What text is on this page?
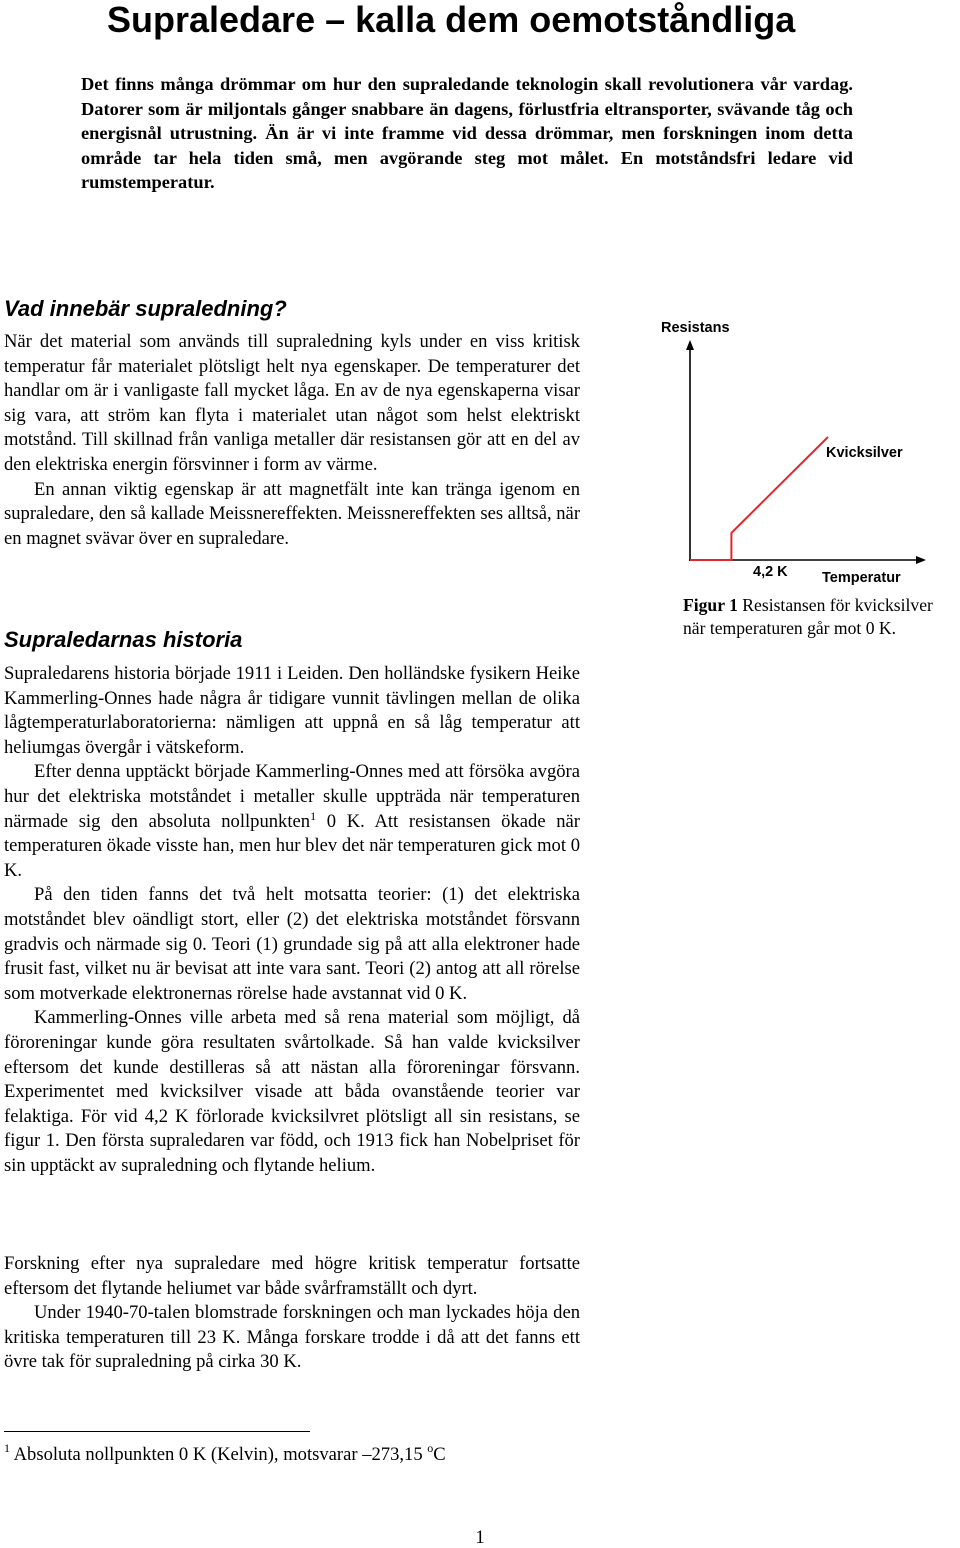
Supraledare – kalla dem oemotståndliga

Det finns många drömmar om hur den supraledande teknologin skall revolutionera vår vardag. Datorer som är miljontals gånger snabbare än dagens, förlustfria eltransporter, svävande tåg och energisnål utrustning. Än är vi inte framme vid dessa drömmar, men forskningen inom detta område tar hela tiden små, men avgörande steg mot målet. En motståndsfri ledare vid rumstemperatur.

Vad innebär supraledning?

När det material som används till supraledning kyls under en viss kritisk temperatur får materialet plötsligt helt nya egenskaper. De temperaturer det handlar om är i vanligaste fall mycket låga. En av de nya egenskaperna visar sig vara, att ström kan flyta i materialet utan något som helst elektriskt motstånd. Till skillnad från vanliga metaller där resistansen gör att en del av den elektriska energin försvinner i form av värme.

En annan viktig egenskap är att magnetfält inte kan tränga igenom en supraledare, den så kallade Meissnereffekten. Meissnereffekten ses alltså, när en magnet svävar över en supraledare.

Supraledarnas historia

Supraledarens historia började 1911 i Leiden. Den holländske fysikern Heike Kammerling-Onnes hade några år tidigare vunnit tävlingen mellan de olika lågtemperaturlaboratorierna: nämligen att uppnå en så låg temperatur att heliumgas övergår i vätskeform.

Efter denna upptäckt började Kammerling-Onnes med att försöka avgöra hur det elektriska motståndet i metaller skulle uppträda när temperaturen närmade sig den absoluta nollpunkten$^1$ 0 K. Att resistansen ökade när temperaturen ökade visste han, men hur blev det när temperaturen gick mot 0 K.

På den tiden fanns det två helt motsatta teorier: (1) det elektriska motståndet blev oändligt stort, eller (2) det elektriska motståndet försvann gradvis och närmade sig 0. Teori (1) grundade sig på att alla elektroner hade frusit fast, vilket nu är bevisat att inte vara sant. Teori (2) antog att all rörelse som motverkade elektronernas rörelse hade avstannat vid 0 K.

Kammerling-Onnes ville arbeta med så rena material som möjligt, då föroreningar kunde göra resultaten svårtolkade. Så han valde kvicksilver eftersom det kunde destilleras så att nästan alla föroreningar försvann. Experimentet med kvicksilver visade att båda ovanstående teorier var felaktiga. För vid 4,2 K förlorade kvicksilvret plötsligt all sin resistans, se figur 1. Den första supraledaren var född, och 1913 fick han Nobelpriset för sin upptäckt av supraledning och flytande helium.

Forskning efter nya supraledare med högre kritisk temperatur fortsatte eftersom det flytande heliumet var både svårframställt och dyrt.

Under 1940-70-talen blomstrade forskningen och man lyckades höja den kritiska temperaturen till 23 K. Många forskare trodde i då att det fanns ett övre tak för supraledning på cirka 30 K.

Resistans
Kvicksilver
4,2 K Temperatur

Figur 1 Resistansen för kvicksilver när temperaturen går mot 0 K.

$^1$ Absoluta nollpunkten 0 K (Kelvin), motsvarar –273,15 $^o$C

1
